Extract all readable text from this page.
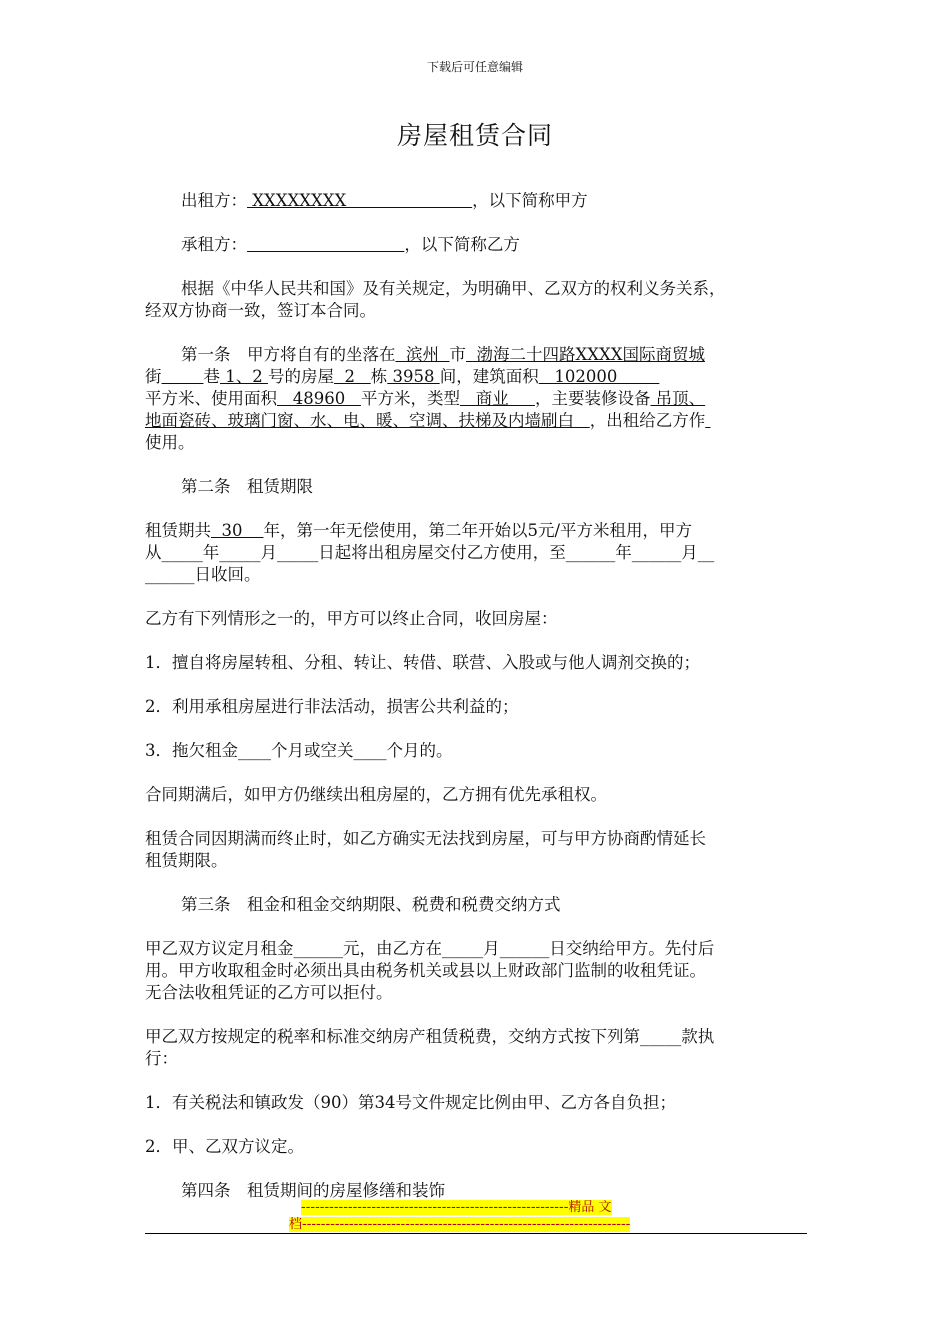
下载后可任意编辑
房屋租赁合同
出租方： XXXXXXXX                        ，以下简称甲方
承租方：	，以下简称乙方
根据《中华人民共和国》及有关规定，为明确甲、乙双方的权利义务关系，
经双方协商一致，签订本合同。
第一条　甲方将自有的坐落在  滨州  市  渤海二十四路XXXX国际商贸城
街	巷 1、2 号的房屋  2   栋 3958 间，建筑面积   102000
平方米、使用面积   48960   平方米，类型   商业     ，主要装修设备 吊顶、
地面瓷砖、玻璃门窗、水、电、暖、空调、扶梯及内墙刷白   ，出租给乙方作
使用。
第二条　租赁期限
租赁期共  30    年，第一年无偿使用，第二年开始以5元/平方米租用，甲方
从_____年_____月_____日起将出租房屋交付乙方使用，至______年______月__
______日收回。
乙方有下列情形之一的，甲方可以终止合同，收回房屋：
1．擅自将房屋转租、分租、转让、转借、联营、入股或与他人调剂交换的；
2．利用承租房屋进行非法活动，损害公共利益的；
3．拖欠租金____个月或空关____个月的。
合同期满后，如甲方仍继续出租房屋的，乙方拥有优先承租权。
租赁合同因期满而终止时，如乙方确实无法找到房屋，可与甲方协商酌情延长
租赁期限。
第三条　租金和租金交纳期限、税费和税费交纳方式
甲乙双方议定月租金______元，由乙方在_____月______日交纳给甲方。先付后
用。甲方收取租金时必须出具由税务机关或县以上财政部门监制的收租凭证。
无合法收租凭证的乙方可以拒付。
甲乙双方按规定的税率和标准交纳房产租赁税费，交纳方式按下列第_____款执
行：
1．有关税法和镇政发（90）第34号文件规定比例由甲、乙方各自负担；
2．甲、乙双方议定。
第四条　租赁期间的房屋修缮和装饰
---------------------------------------------------------精品 文
档----------------------------------------------------------------------
